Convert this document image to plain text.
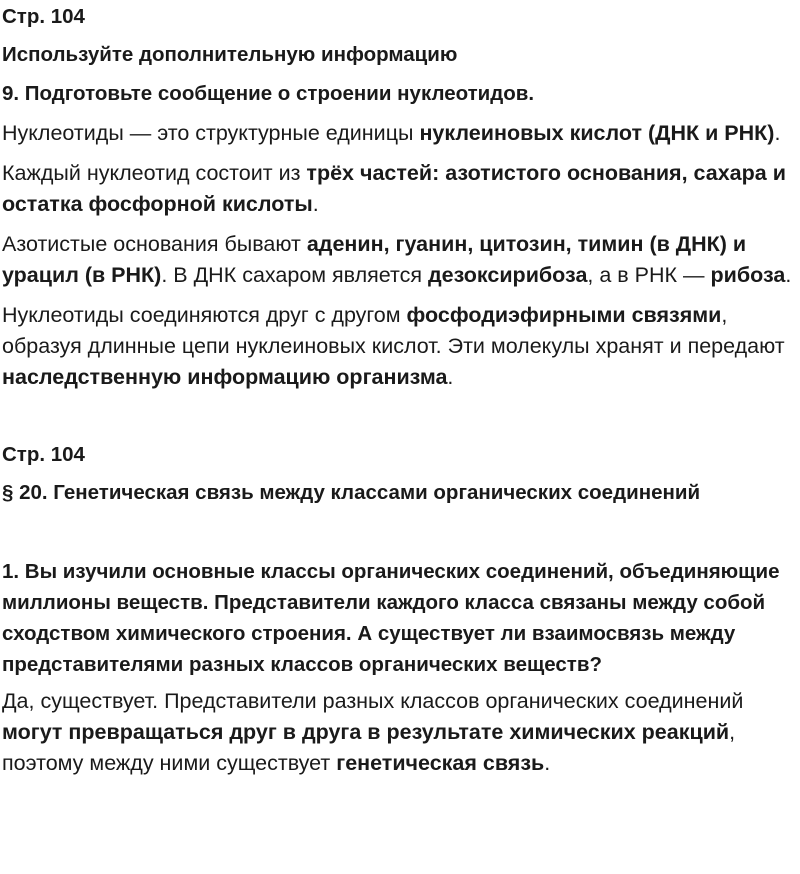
Стр. 104
Используйте дополнительную информацию
9. Подготовьте сообщение о строении нуклеотидов.

Нуклеотиды — это структурные единицы нуклеиновых кислот (ДНК и РНК).

Каждый нуклеотид состоит из трёх частей: азотистого основания, сахара и остатка фосфорной кислоты.

Азотистые основания бывают аденин, гуанин, цитозин, тимин (в ДНК) и урацил (в РНК). В ДНК сахаром является дезоксирибоза, а в РНК — рибоза.

Нуклеотиды соединяются друг с другом фосфодиэфирными связями, образуя длинные цепи нуклеиновых кислот. Эти молекулы хранят и передают наследственную информацию организма.

Стр. 104
§ 20. Генетическая связь между классами органических соединений
1. Вы изучили основные классы органических соединений, объединяющие миллионы веществ. Представители каждого класса связаны между собой сходством химического строения. А существует ли взаимосвязь между представителями разных классов органических веществ?

Да, существует. Представители разных классов органических соединений могут превращаться друг в друга в результате химических реакций, поэтому между ними существует генетическая связь.
